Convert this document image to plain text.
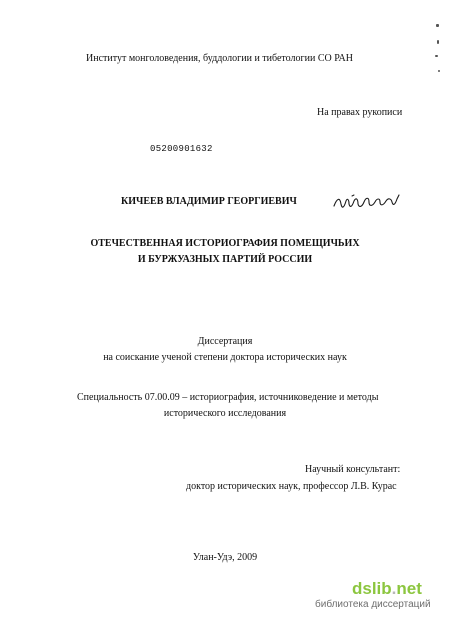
Институт монголоведения, буддологии и тибетологии СО РАН
На правах рукописи
05200901632
КИЧЕЕВ ВЛАДИМИР ГЕОРГИЕВИЧ
ОТЕЧЕСТВЕННАЯ ИСТОРИОГРАФИЯ ПОМЕЩИЧЬИХ
И БУРЖУАЗНЫХ ПАРТИЙ РОССИИ
Диссертация
на соискание ученой степени доктора исторических наук
Специальность 07.00.09 – историография, источниковедение и методы
исторического исследования
Научный консультант:
доктор исторических наук, профессор Л.В. Курас
Улан-Удэ, 2009
dslib.net
библиотека диссертаций
